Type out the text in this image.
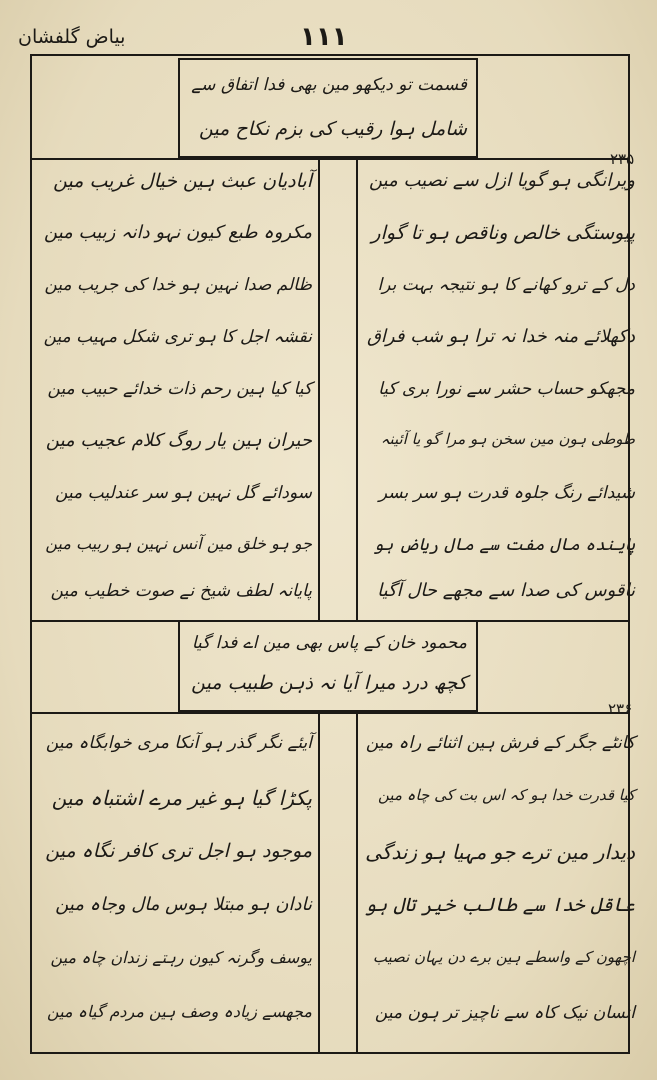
بیاض گلفشان	۱۱۱
قسمت تو دیکھو مین بھی فدا اتفاق سے
شامل ہوا رقیب کی بزم نکاح مین
۲۳۵
ویرانگی ہو گویا ازل سے نصیب مین
پیوستگی خالص وناقص ہو تا گوار
دل کے ترو کھانے کا ہو نتیجہ بہت برا
دکھلائے منہ خدا نہ ترا ہو شب فراق
مجھکو حساب حشر سے نورا بری کیا
طوطی ہون مین سخن ہو مرا گو یا آئینہ
شیدائے رنگ جلوہ قدرت ہو سر بسر
پایندہ مال مفت سے مال ریاض ہو
ناقوس کی صدا سے مجھے حال آگیا
آبادیان عبث ہین خیال غریب مین
مکروہ طبع کیون نہو دانہ زبیب مین
ظالم صدا نہین ہو خدا کی جریب مین
نقشہ اجل کا ہو تری شکل مہیب مین
کیا کیا ہین رحم ذات خدائے حبیب مین
حیران ہین یار روگ کلام عجیب مین
سودائے گل نہین ہو سر عندلیب مین
جو ہو خلق مین آنس نہین ہو ربیب مین
پایانہ لطف شیخ نے صوت خطیب مین
محمود خان کے پاس بھی مین اے فدا گیا
کچھ درد میرا آیا نہ ذہن طبیب مین
۲۳۶
کانٹے جگر کے فرش ہین اثنائے راہ مین
کیا قدرت خدا ہو کہ اس بت کی چاہ مین
دیدار مین ترے جو مہیا ہو زندگی
عاقل خدا سے طالب خیر تال ہو
اچھون کے واسطے ہین برے دن یہان نصیب
انسان نیک کاہ سے ناچیز تر ہون مین
آیئے نگر گذر ہو آنکا مری خوابگاہ مین
پکڑا گیا ہو غیر مرے اشتباہ مین
موجود ہو اجل تری کافر نگاہ مین
نادان ہو مبتلا ہوس مال وجاہ مین
یوسف وگرنہ کیون رہتے زندان چاہ مین
مجھسے زیادہ وصف ہین مردم گیاہ مین
